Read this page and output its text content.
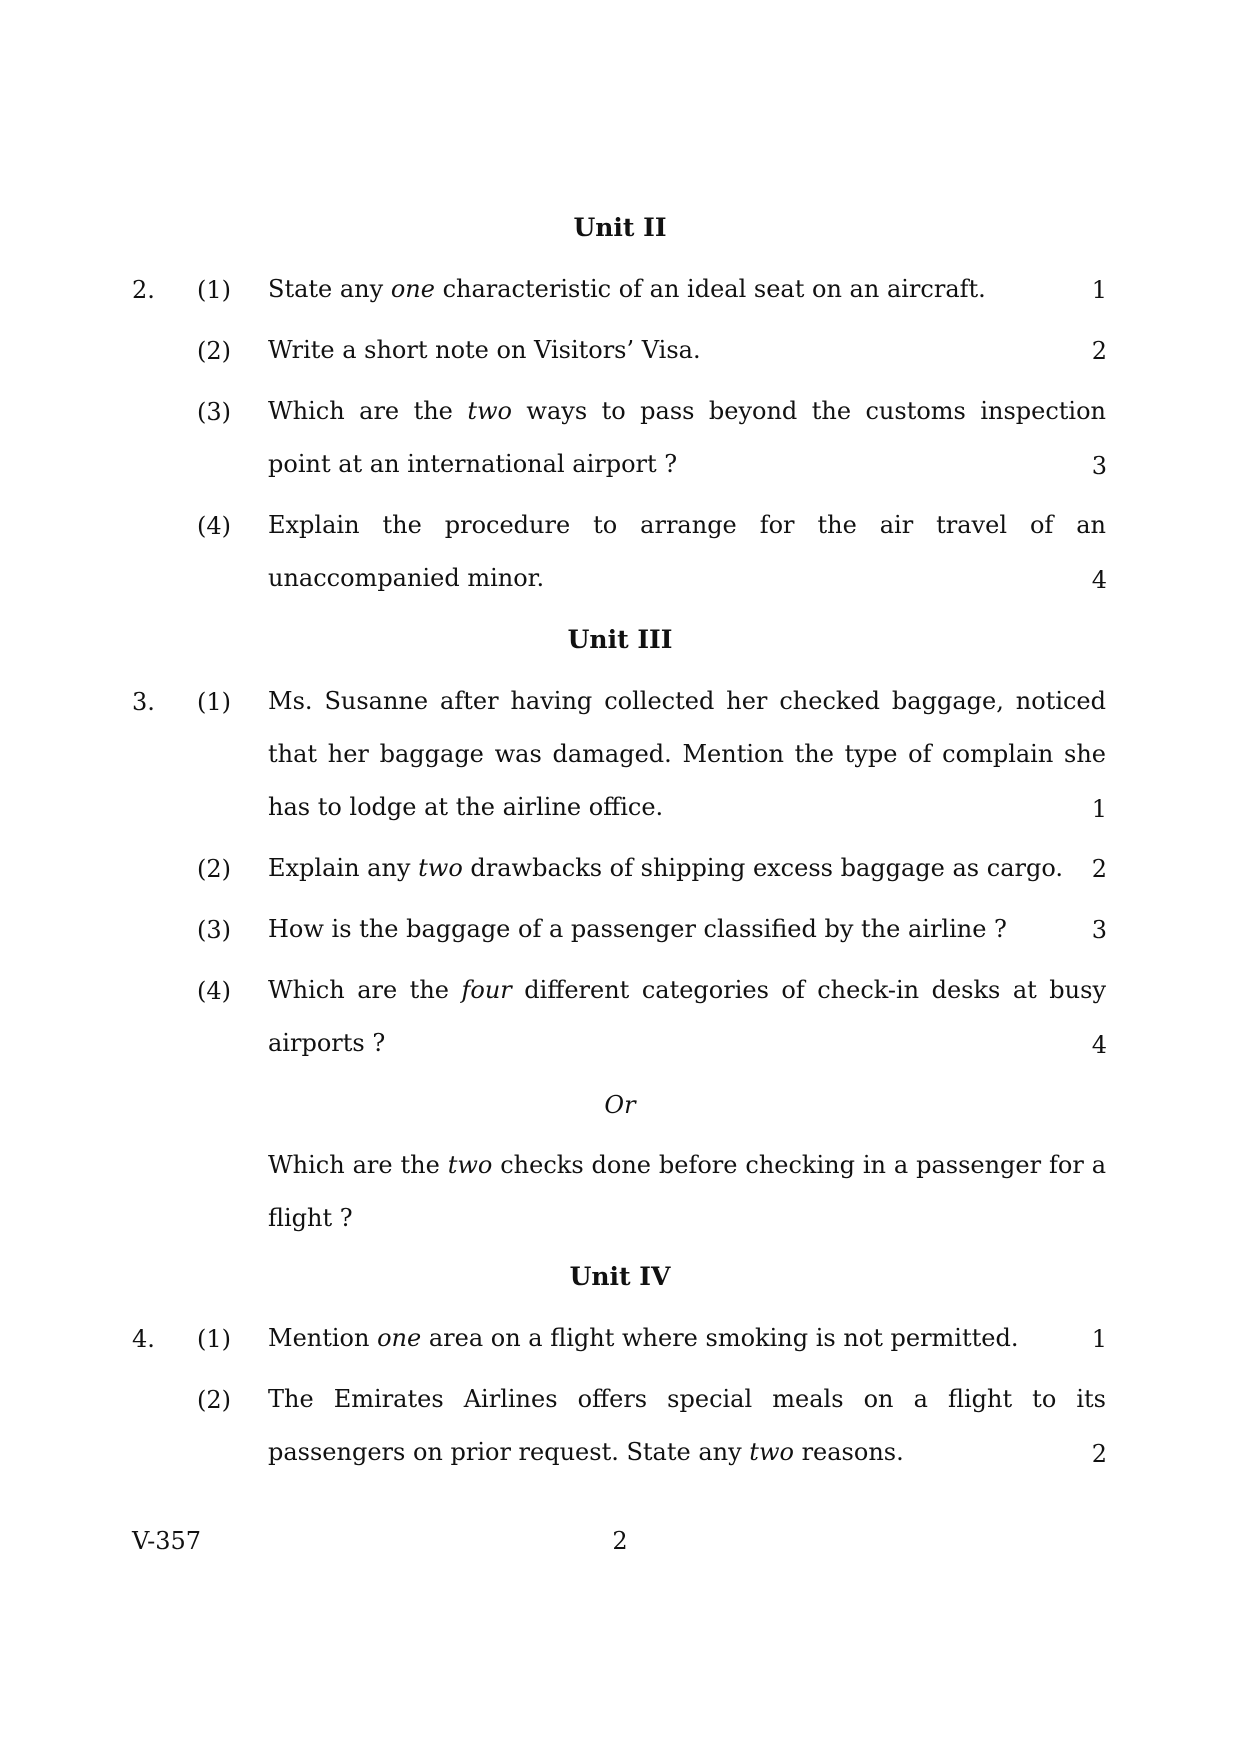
Unit II
2. (1) State any one characteristic of an ideal seat on an aircraft.	1
(2) Write a short note on Visitors’ Visa.	2
(3) Which are the two ways to pass beyond the customs inspection point at an international airport ?	3
(4) Explain the procedure to arrange for the air travel of an unaccompanied minor.	4
Unit III
3. (1) Ms. Susanne after having collected her checked baggage, noticed that her baggage was damaged. Mention the type of complain she has to lodge at the airline office.	1
(2) Explain any two drawbacks of shipping excess baggage as cargo.	2
(3) How is the baggage of a passenger classified by the airline ?	3
(4) Which are the four different categories of check-in desks at busy airports ?	4
Or
Which are the two checks done before checking in a passenger for a flight ?
Unit IV
4. (1) Mention one area on a flight where smoking is not permitted.	1
(2) The Emirates Airlines offers special meals on a flight to its passengers on prior request. State any two reasons.	2
V-357	2
